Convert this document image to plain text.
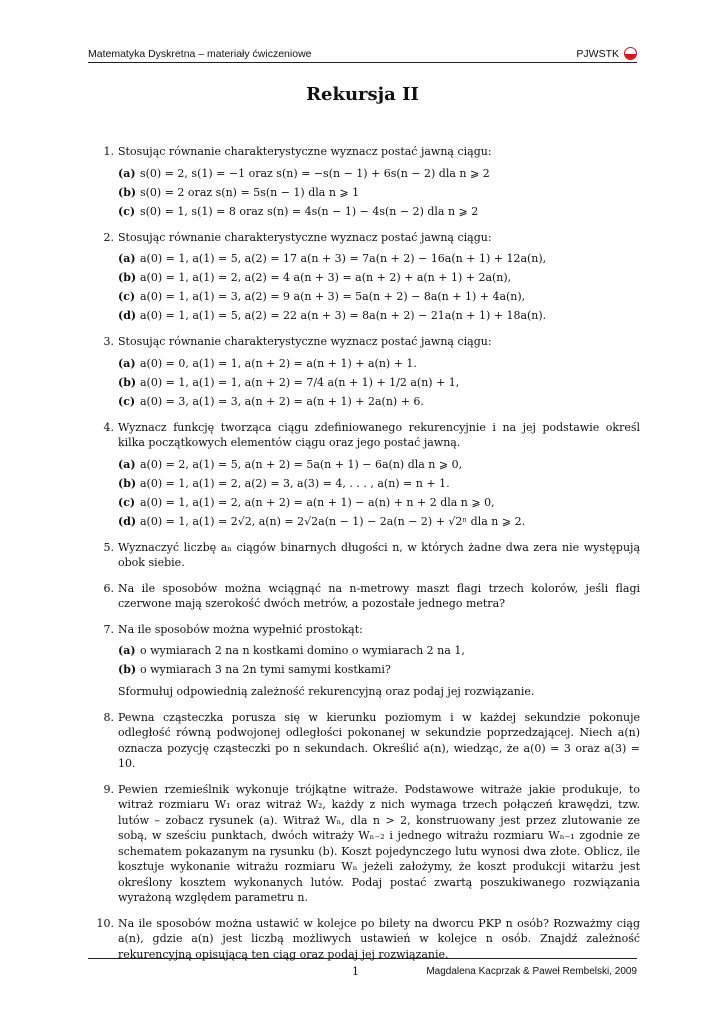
Matematyka Dyskretna – materiały ćwiczeniowe	PJWSTK
Rekursja II
1. Stosując równanie charakterystyczne wyznacz postać jawną ciągu:
(a) s(0) = 2, s(1) = −1 oraz s(n) = −s(n − 1) + 6s(n − 2) dla n ⩾ 2
(b) s(0) = 2 oraz s(n) = 5s(n − 1) dla n ⩾ 1
(c) s(0) = 1, s(1) = 8 oraz s(n) = 4s(n − 1) − 4s(n − 2) dla n ⩾ 2
2. Stosując równanie charakterystyczne wyznacz postać jawną ciągu:
(a) a(0) = 1, a(1) = 5, a(2) = 17 a(n + 3) = 7a(n + 2) − 16a(n + 1) + 12a(n),
(b) a(0) = 1, a(1) = 2, a(2) = 4 a(n + 3) = a(n + 2) + a(n + 1) + 2a(n),
(c) a(0) = 1, a(1) = 3, a(2) = 9 a(n + 3) = 5a(n + 2) − 8a(n + 1) + 4a(n),
(d) a(0) = 1, a(1) = 5, a(2) = 22 a(n + 3) = 8a(n + 2) − 21a(n + 1) + 18a(n).
3. Stosując równanie charakterystyczne wyznacz postać jawną ciągu:
(a) a(0) = 0, a(1) = 1, a(n + 2) = a(n + 1) + a(n) + 1.
(b) a(0) = 1, a(1) = 1, a(n + 2) = 7/4 a(n + 1) + 1/2 a(n) + 1,
(c) a(0) = 3, a(1) = 3, a(n + 2) = a(n + 1) + 2a(n) + 6.
4. Wyznacz funkcję tworząca ciągu zdefiniowanego rekurencyjnie i na jej podstawie określ kilka początkowych elementów ciągu oraz jego postać jawną.
(a) a(0) = 2, a(1) = 5, a(n + 2) = 5a(n + 1) − 6a(n) dla n ⩾ 0,
(b) a(0) = 1, a(1) = 2, a(2) = 3, a(3) = 4, . . . , a(n) = n + 1.
(c) a(0) = 1, a(1) = 2, a(n + 2) = a(n + 1) − a(n) + n + 2 dla n ⩾ 0,
(d) a(0) = 1, a(1) = 2√2, a(n) = 2√2a(n − 1) − 2a(n − 2) + √2ⁿ dla n ⩾ 2.
5. Wyznaczyć liczbę aₙ ciągów binarnych długości n, w których żadne dwa zera nie występują obok siebie.
6. Na ile sposobów można wciągnąć na n-metrowy maszt flagi trzech kolorów, jeśli flagi czerwone mają szerokość dwóch metrów, a pozostałe jednego metra?
7. Na ile sposobów można wypełnić prostokąt:
(a) o wymiarach 2 na n kostkami domino o wymiarach 2 na 1,
(b) o wymiarach 3 na 2n tymi samymi kostkami?
Sformułuj odpowiednią zależność rekurencyjną oraz podaj jej rozwiązanie.
8. Pewna cząsteczka porusza się w kierunku poziomym i w każdej sekundzie pokonuje odległość równą podwojonej odległości pokonanej w sekundzie poprzedzającej. Niech a(n) oznacza pozycję cząsteczki po n sekundach. Określić a(n), wiedząc, że a(0) = 3 oraz a(3) = 10.
9. Pewien rzemieślnik wykonuje trójkątne witraże. Podstawowe witraże jakie produkuje, to witraż rozmiaru W₁ oraz witraż W₂, każdy z nich wymaga trzech połączeń krawędzi, tzw. lutów – zobacz rysunek (a). Witraż Wₙ, dla n > 2, konstruowany jest przez zlutowanie ze sobą, w sześciu punktach, dwóch witraży Wₙ₋₂ i jednego witrażu rozmiaru Wₙ₋₁ zgodnie ze schematem pokazanym na rysunku (b). Koszt pojedynczego lutu wynosi dwa złote. Oblicz, ile kosztuje wykonanie witrażu rozmiaru Wₙ jeżeli założymy, że koszt produkcji witarżu jest określony kosztem wykonanych lutów. Podaj postać zwartą poszukiwanego rozwiązania wyrażoną względem parametru n.
10. Na ile sposobów można ustawić w kolejce po bilety na dworcu PKP n osób? Rozważmy ciąg a(n), gdzie a(n) jest liczbą możliwych ustawień w kolejce n osób. Znajdź zależność rekurencyjną opisującą ten ciąg oraz podaj jej rozwiązanie.
1	Magdalena Kacprzak & Paweł Rembelski, 2009
